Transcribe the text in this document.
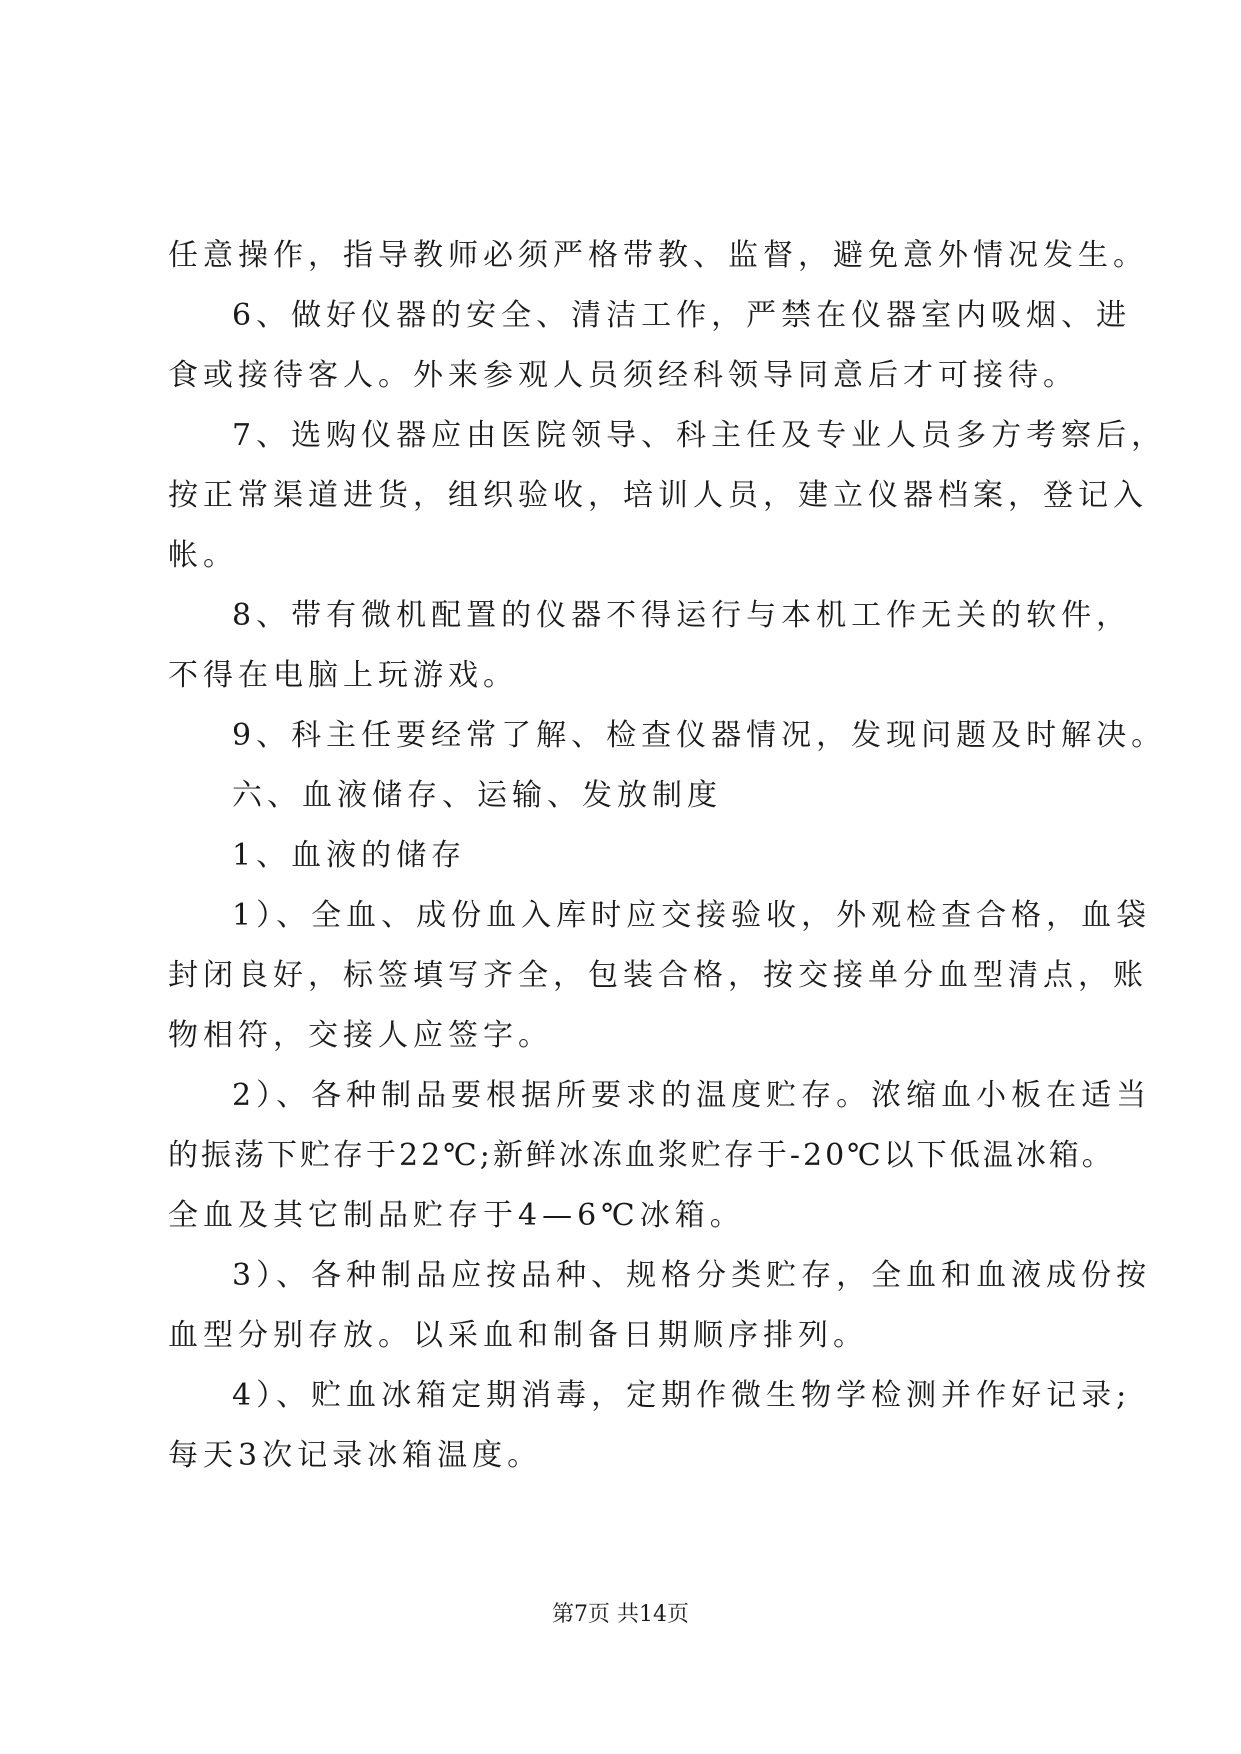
任意操作，指导教师必须严格带教、监督，避免意外情况发生。
6、做好仪器的安全、清洁工作，严禁在仪器室内吸烟、进
食或接待客人。外来参观人员须经科领导同意后才可接待。
7、选购仪器应由医院领导、科主任及专业人员多方考察后，
按正常渠道进货，组织验收，培训人员，建立仪器档案，登记入
帐。
8、带有微机配置的仪器不得运行与本机工作无关的软件，
不得在电脑上玩游戏。
9、科主任要经常了解、检查仪器情况，发现问题及时解决。
六、血液储存、运输、发放制度
1、血液的储存
1）、全血、成份血入库时应交接验收，外观检查合格，血袋
封闭良好，标签填写齐全，包装合格，按交接单分血型清点，账
物相符，交接人应签字。
2）、各种制品要根据所要求的温度贮存。浓缩血小板在适当
的振荡下贮存于22℃;新鲜冰冻血浆贮存于-20℃以下低温冰箱。
全血及其它制品贮存于4—6℃冰箱。
3）、各种制品应按品种、规格分类贮存，全血和血液成份按
血型分别存放。以采血和制备日期顺序排列。
4）、贮血冰箱定期消毒，定期作微生物学检测并作好记录;
每天3次记录冰箱温度。
第7页 共14页
